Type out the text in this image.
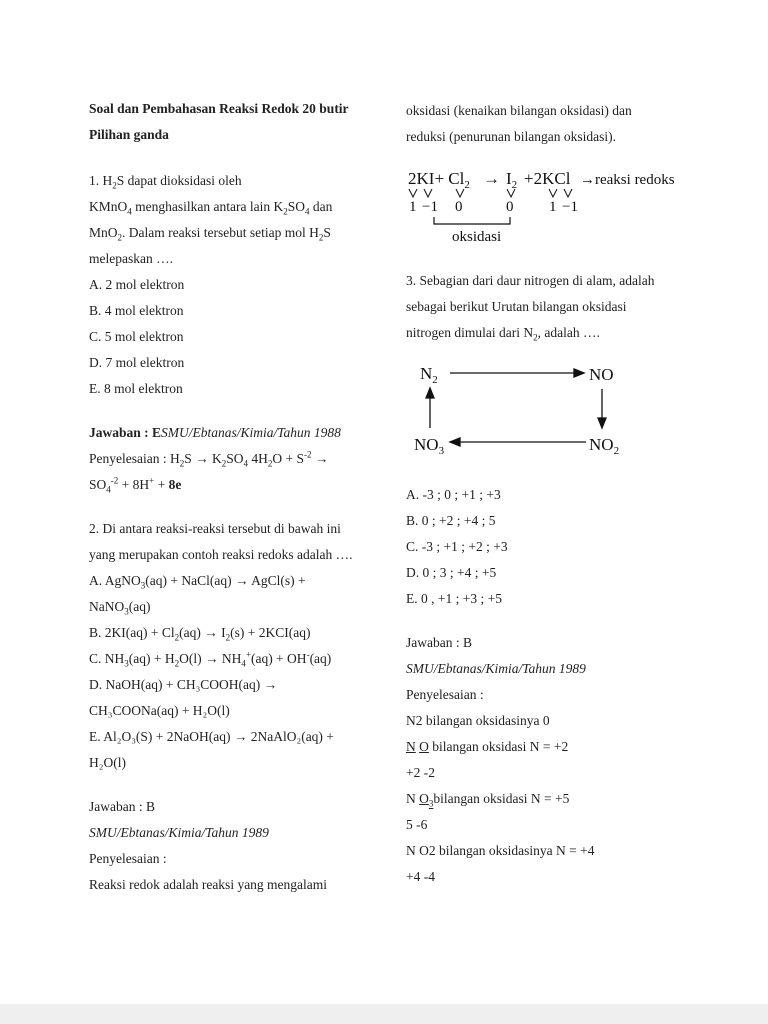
Soal dan Pembahasan Reaksi Redok 20 butir
Pilihan ganda
1. $H_2S$ dapat dioksidasi oleh
KMnO$_4$ menghasilkan antara lain $K_2SO_4$ dan
MnO$_2$. Dalam reaksi tersebut setiap mol $H_2S$
melepaskan ….
A. 2 mol elektron
B. 4 mol elektron
C. 5 mol elektron
D. 7 mol elektron
E. 8 mol elektron
Jawaban : ESMU/Ebtanas/Kimia/Tahun 1988
Penyelesaian : $H_2S \to K_2SO_4$ $4H_2O + S^{-2}$ →
$SO_4^{-2} + 8H^+ + 8e$
2. Di antara reaksi-reaksi tersebut di bawah ini
yang merupakan contoh reaksi redoks adalah ….
A. AgNO$_3$(aq) + NaCl(aq) → AgCl(s) +
NaNO$_3$(aq)
B. $2KI(aq) + Cl_2(aq) \to I_2(s) + 2KCI(aq)$
C. $NH_3(aq) + H_2O(l) \to NH_4^+(aq) + OH^-(aq)$
D. NaOH(aq) + CH₃COOH(aq) →
CH₃COONa(aq) + H₂O(l)
E. Al₂O₃(S) + 2NaOH(aq) → 2NaAlO₂(aq) +
H₂O(l)
Jawaban : B
SMU/Ebtanas/Kimia/Tahun 1989
Penyelesaian :
Reaksi redok adalah reaksi yang mengalami
oksidasi (kenaikan bilangan oksidasi) dan
reduksi (penurunan bilangan oksidasi).
$2KI+ Cl_2 \to I_2 +2KCl$ →reaksi redoks
1 −1 0	0 1 −1
oksidasi
3. Sebagian dari daur nitrogen di alam, adalah
sebagai berikut Urutan bilangan oksidasi
nitrogen dimulai dari $N_2$, adalah ….
$N_2$	NO
$NO_2$
$NO_3$
A. -3 ; 0 ; +1 ; +3
B. 0 ; +2 ; +4 ; 5
C. -3 ; +1 ; +2 ; +3
D. 0 ; 3 ; +4 ; +5
E. 0 , +1 ; +3 ; +5
Jawaban : B
SMU/Ebtanas/Kimia/Tahun 1989
Penyelesaian :
N2 bilangan oksidasinya 0
N O bilangan oksidasi N = +2
+2 -2
N $O_3bilangan$ oksidasi N = +5
5 -6
N O2 bilangan oksidasinya N = +4
+4 -4
